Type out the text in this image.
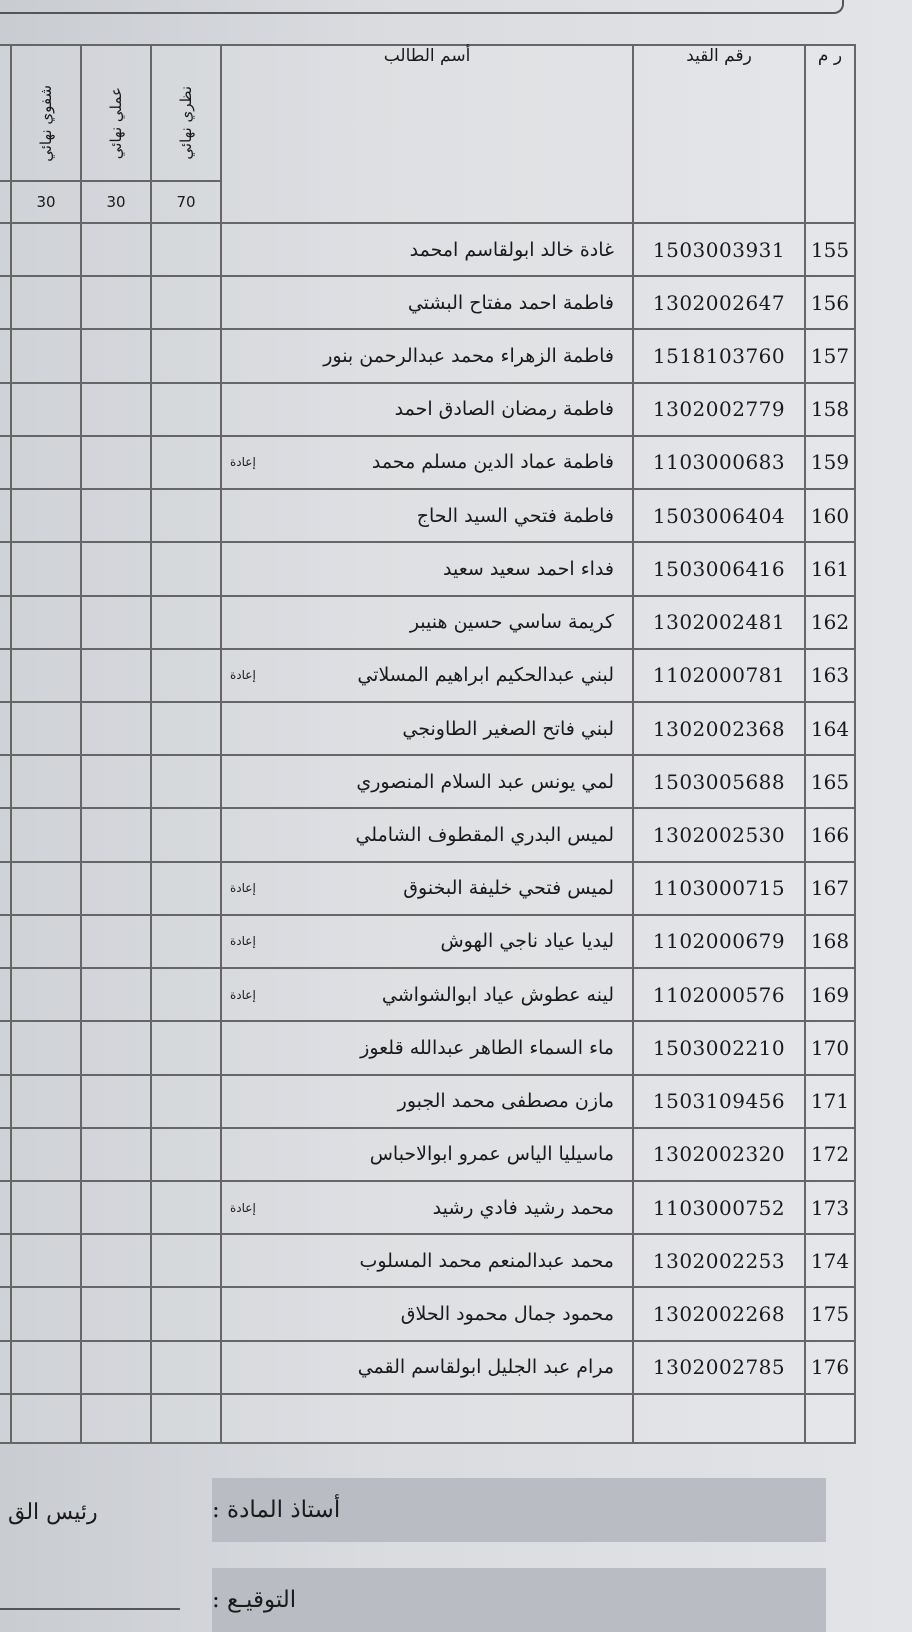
ر م	رقم القيد	أسم الطالب	نظري نهائي	عملي نهائي	شفوي نهائي	

			70	30	30	
155	1503003931	غادة خالد ابولقاسم امحمد

156	1302002647	فاطمة احمد مفتاح البشتي

157	1518103760	فاطمة الزهراء محمد عبدالرحمن بنور

158	1302002779	فاطمة رمضان الصادق احمد

159	1103000683	فاطمة عماد الدين مسلم محمد
إعادة				

160	1503006404	فاطمة فتحي السيد الحاج

161	1503006416	فداء احمد سعيد سعيد

162	1302002481	كريمة ساسي حسين هنيبر

163	1102000781	لبني عبدالحكيم ابراهيم المسلاتي
إعادة				

164	1302002368	لبني فاتح الصغير الطاونجي

165	1503005688	لمي يونس عبد السلام المنصوري

166	1302002530	لميس البدري المقطوف الشاملي

167	1103000715	لميس فتحي خليفة البخنوق
إعادة				

168	1102000679	ليديا عياد ناجي الهوش
إعادة				

169	1102000576	لينه عطوش عياد ابوالشواشي
إعادة				

170	1503002210	ماء السماء الطاهر عبدالله قلعوز

171	1503109456	مازن مصطفى محمد الجبور

172	1302002320	ماسيليا الياس عمرو ابوالاحباس

173	1103000752	محمد رشيد فادي رشيد
إعادة				

174	1302002253	محمد عبدالمنعم محمد المسلوب

175	1302002268	محمود جمال محمود الحلاق

176	1302002785	مرام عبد الجليل ابولقاسم القمي

أستاذ المادة :
التوقيـع :
رئيس الق
